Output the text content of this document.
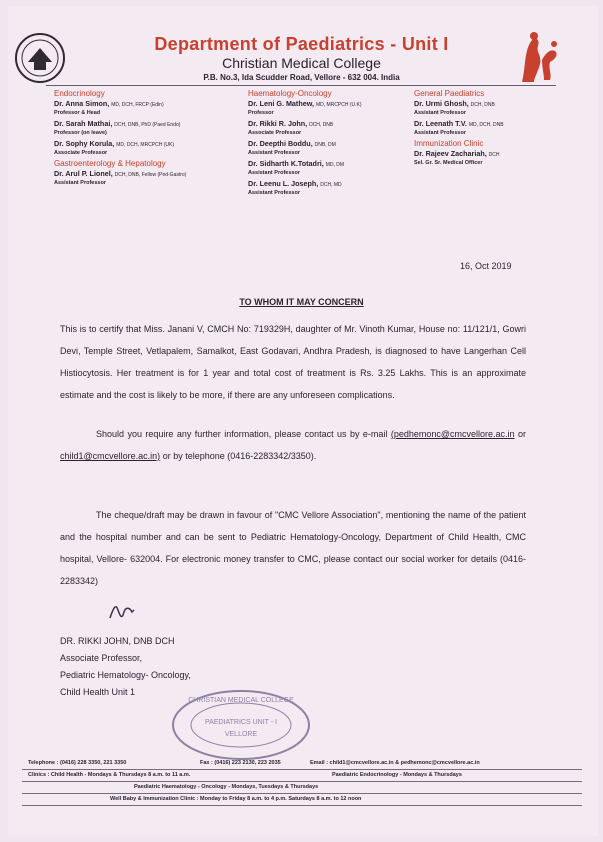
Department of Paediatrics - Unit I
Christian Medical College
P.B. No.3, Ida Scudder Road, Vellore - 632 004. India
Endocrinology
Dr. Anna Simon, MD, DCH, FRCP (Edin)
Professor & Head
Dr. Sarah Mathai, DCH, DNB, PhD (Paed Endo)
Professor (on leave)
Dr. Sophy Korula, MD, DCH, MRCPCH (UK)
Associate Professor
Gastroenterology & Hepatology
Dr. Arul P. Lionel, DCH, DNB, Fellow (Ped-Gastro)
Assistant Professor
Haematology-Oncology
Dr. Leni G. Mathew, MD, MRCPCH (U.K)
Professor
Dr. Rikki R. John, DCH, DNB
Associate Professor
Dr. Deepthi Boddu, DNB, DM
Assistant Professor
Dr. Sidharth K.Totadri, MD, DM
Assistant Professor
Dr. Leenu L. Joseph, DCH, MD
Assistant Professor
General Paediatrics
Dr. Urmi Ghosh, DCH, DNB
Assistant Professor
Dr. Leenath T.V. MD, DCH, DNB
Assistant Professor
Immunization Clinic
Dr. Rajeev Zachariah, DCH
Sel. Gr. Sr. Medical Officer
16, Oct 2019
TO WHOM IT MAY CONCERN
This is to certify that Miss. Janani V, CMCH No: 719329H, daughter of Mr. Vinoth Kumar, House no: 11/121/1, Gowri Devi, Temple Street, Vetlapalem, Samalkot, East Godavari, Andhra Pradesh, is diagnosed to have Langerhan Cell Histiocytosis. Her treatment is for 1 year and total cost of treatment is Rs. 3.25 Lakhs. This is an approximate estimate and the cost is likely to be more, if there are any unforeseen complications.
Should you require any further information, please contact us by e-mail (pedhemonc@cmcvellore.ac.in or child1@cmcvellore.ac.in) or by telephone (0416-2283342/3350).
The cheque/draft may be drawn in favour of "CMC Vellore Association", mentioning the name of the patient and the hospital number and can be sent to Pediatric Hematology-Oncology, Department of Child Health, CMC hospital, Vellore- 632004. For electronic money transfer to CMC, please contact our social worker for details (0416-2283342)
DR. RIKKI JOHN, DNB DCH
Associate Professor,
Pediatric Hematology- Oncology,
Child Health Unit 1
CHRISTIAN MEDICAL COLLEGE
PAEDIATRICS UNIT - I
VELLORE
Telephone : (0416) 228 3350, 221 3350	Fax : (0416) 223 2130, 223 2035	Email : child1@cmcvellore.ac.in & pedhemonc@cmcvellore.ac.in
Clinics : Child Health - Mondays & Thursdays 8 a.m. to 11 a.m.	Paediatric Endocrinology - Mondays & Thursdays
Paediatric Haematology - Oncology - Mondays, Tuesdays & Thursdays
Well Baby & Immunization Clinic : Monday to Friday 8 a.m. to 4 p.m. Saturdays 8 a.m. to 12 noon
